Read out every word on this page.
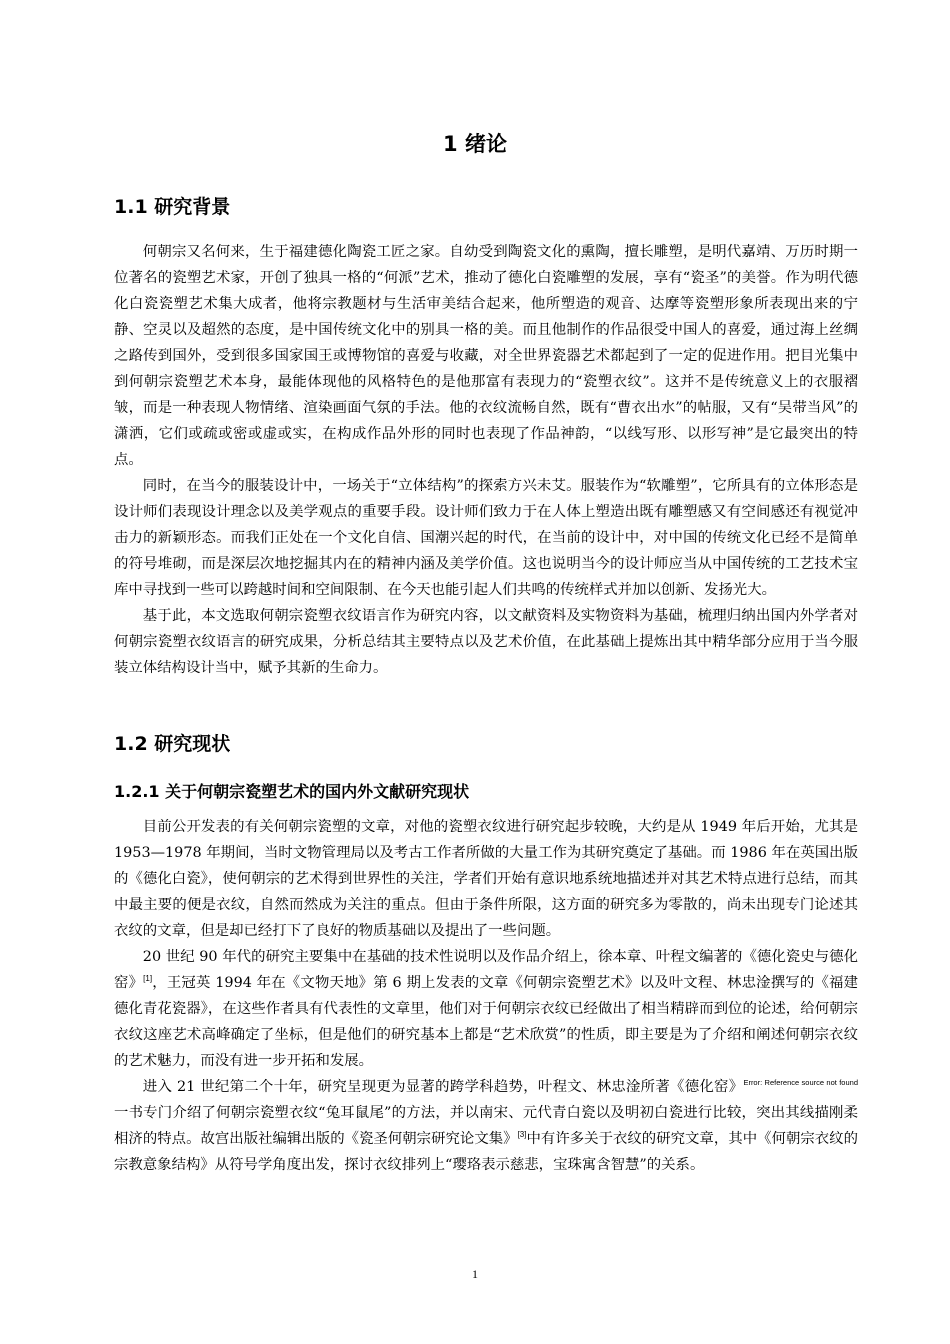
1 绪论
1.1 研究背景

何朝宗又名何来，生于福建德化陶瓷工匠之家。自幼受到陶瓷文化的熏陶，擅长雕塑，是明代嘉靖、万历时期一位著名的瓷塑艺术家，开创了独具一格的“何派”艺术，推动了德化白瓷雕塑的发展，享有“瓷圣”的美誉。作为明代德化白瓷瓷塑艺术集大成者，他将宗教题材与生活审美结合起来，他所塑造的观音、达摩等瓷塑形象所表现出来的宁静、空灵以及超然的态度，是中国传统文化中的别具一格的美。而且他制作的作品很受中国人的喜爱，通过海上丝绸之路传到国外，受到很多国家国王或博物馆的喜爱与收藏，对全世界瓷器艺术都起到了一定的促进作用。把目光集中到何朝宗瓷塑艺术本身，最能体现他的风格特色的是他那富有表现力的“瓷塑衣纹”。这并不是传统意义上的衣服褶皱，而是一种表现人物情绪、渲染画面气氛的手法。他的衣纹流畅自然，既有“曹衣出水”的帖服，又有“吴带当风”的潇洒，它们或疏或密或虚或实，在构成作品外形的同时也表现了作品神韵，“以线写形、以形写神”是它最突出的特点。

同时，在当今的服装设计中，一场关于“立体结构”的探索方兴未艾。服装作为“软雕塑”，它所具有的立体形态是设计师们表现设计理念以及美学观点的重要手段。设计师们致力于在人体上塑造出既有雕塑感又有空间感还有视觉冲击力的新颖形态。而我们正处在一个文化自信、国潮兴起的时代，在当前的设计中，对中国的传统文化已经不是简单的符号堆砌，而是深层次地挖掘其内在的精神内涵及美学价值。这也说明当今的设计师应当从中国传统的工艺技术宝库中寻找到一些可以跨越时间和空间限制、在今天也能引起人们共鸣的传统样式并加以创新、发扬光大。

基于此，本文选取何朝宗瓷塑衣纹语言作为研究内容，以文献资料及实物资料为基础，梳理归纳出国内外学者对何朝宗瓷塑衣纹语言的研究成果，分析总结其主要特点以及艺术价值，在此基础上提炼出其中精华部分应用于当今服装立体结构设计当中，赋予其新的生命力。

1.2 研究现状
1.2.1 关于何朝宗瓷塑艺术的国内外文献研究现状

目前公开发表的有关何朝宗瓷塑的文章，对他的瓷塑衣纹进行研究起步较晚，大约是从 1949 年后开始，尤其是 1953—1978 年期间，当时文物管理局以及考古工作者所做的大量工作为其研究奠定了基础。而 1986 年在英国出版的《德化白瓷》，使何朝宗的艺术得到世界性的关注，学者们开始有意识地系统地描述并对其艺术特点进行总结，而其中最主要的便是衣纹，自然而然成为关注的重点。但由于条件所限，这方面的研究多为零散的，尚未出现专门论述其衣纹的文章，但是却已经打下了良好的物质基础以及提出了一些问题。

20 世纪 90 年代的研究主要集中在基础的技术性说明以及作品介绍上，徐本章、叶程文编著的《德化瓷史与德化窑》[1]，王冠英 1994 年在《文物天地》第 6 期上发表的文章《何朝宗瓷塑艺术》以及叶文程、林忠淦撰写的《福建德化青花瓷器》，在这些作者具有代表性的文章里，他们对于何朝宗衣纹已经做出了相当精辟而到位的论述，给何朝宗衣纹这座艺术高峰确定了坐标，但是他们的研究基本上都是“艺术欣赏”的性质，即主要是为了介绍和阐述何朝宗衣纹的艺术魅力，而没有进一步开拓和发展。

进入 21 世纪第二个十年，研究呈现更为显著的跨学科趋势，叶程文、林忠淦所著《德化窑》$^{Error: Reference source not found}$一书专门介绍了何朝宗瓷塑衣纹“兔耳鼠尾”的方法，并以南宋、元代青白瓷以及明初白瓷进行比较，突出其线描刚柔相济的特点。故宫出版社编辑出版的《瓷圣何朝宗研究论文集》[3]中有许多关于衣纹的研究文章，其中《何朝宗衣纹的宗教意象结构》从符号学角度出发，探讨衣纹排列上“璎珞表示慈悲，宝珠寓含智慧”的关系。

1
